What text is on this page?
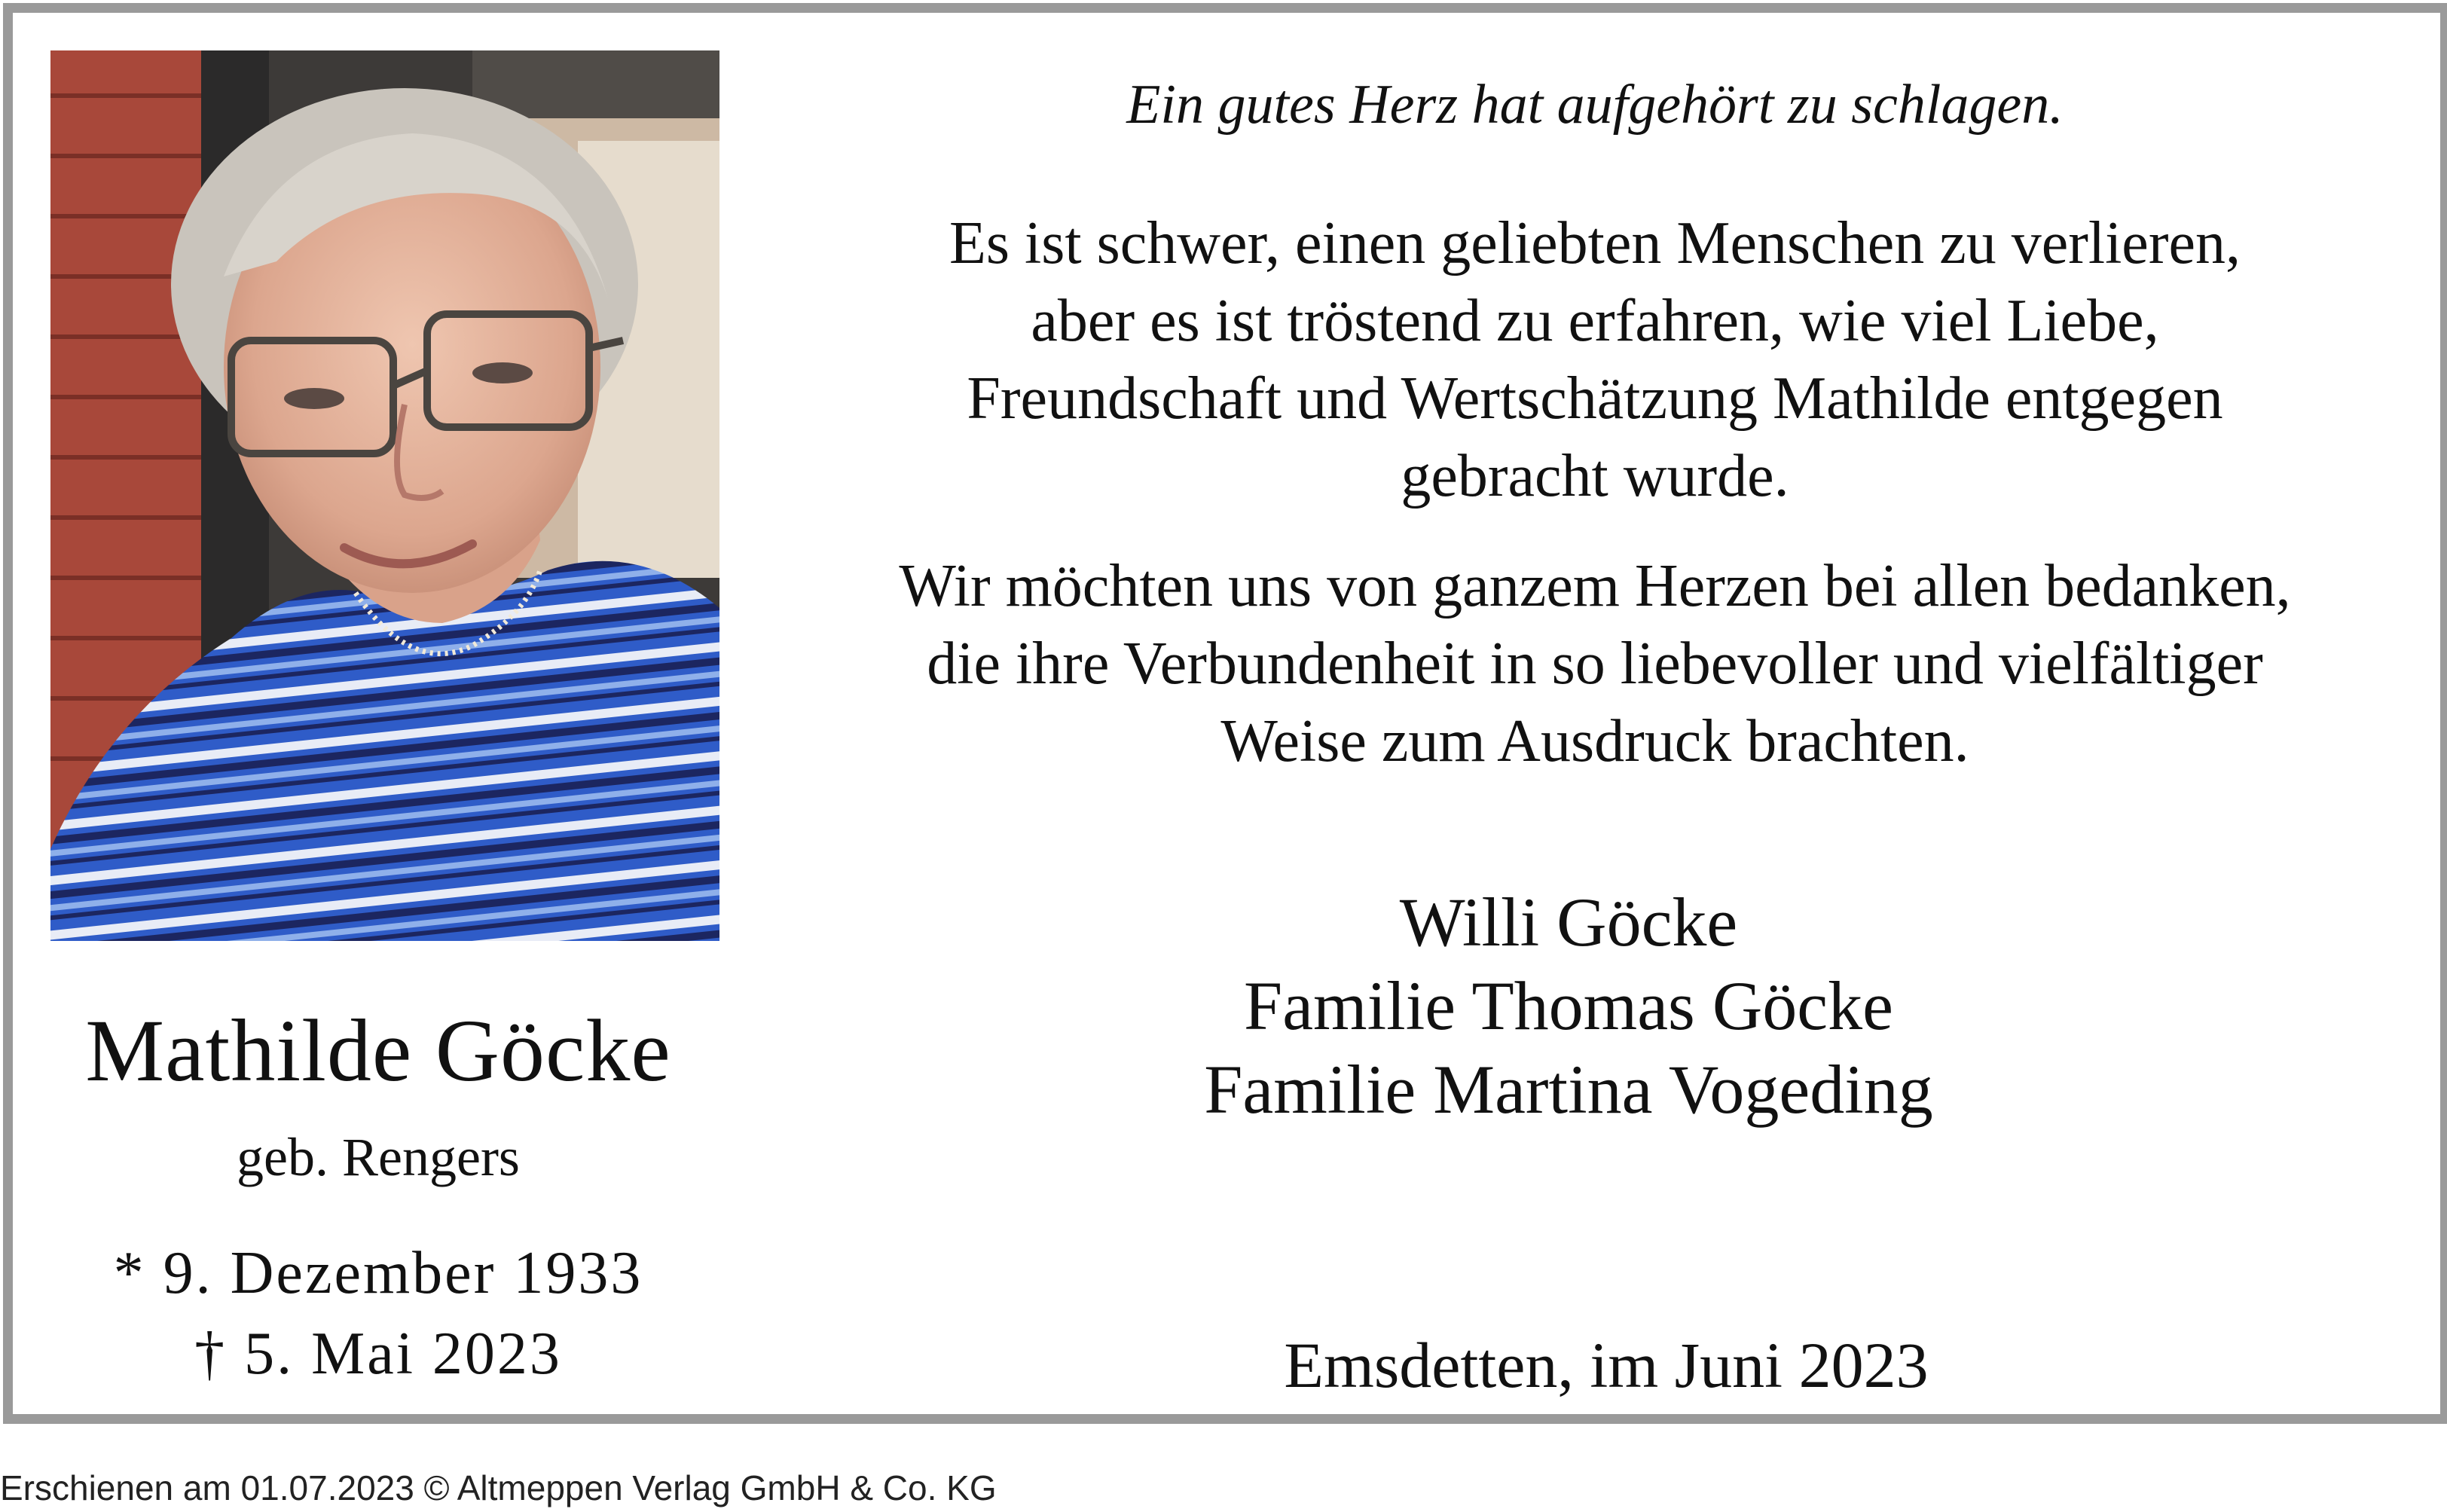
Mathilde Göcke
geb. Rengers
* 9. Dezember 1933
† 5. Mai 2023
Ein gutes Herz hat aufgehört zu schlagen.
Es ist schwer, einen geliebten Menschen zu verlieren,
aber es ist tröstend zu erfahren, wie viel Liebe,
Freundschaft und Wertschätzung Mathilde entgegen
gebracht wurde.
Wir möchten uns von ganzem Herzen bei allen bedanken,
die ihre Verbundenheit in so liebevoller und vielfältiger
Weise zum Ausdruck brachten.
Willi Göcke
Familie Thomas Göcke
Familie Martina Vogeding
Emsdetten, im Juni 2023
Erschienen am 01.07.2023 © Altmeppen Verlag GmbH & Co. KG
